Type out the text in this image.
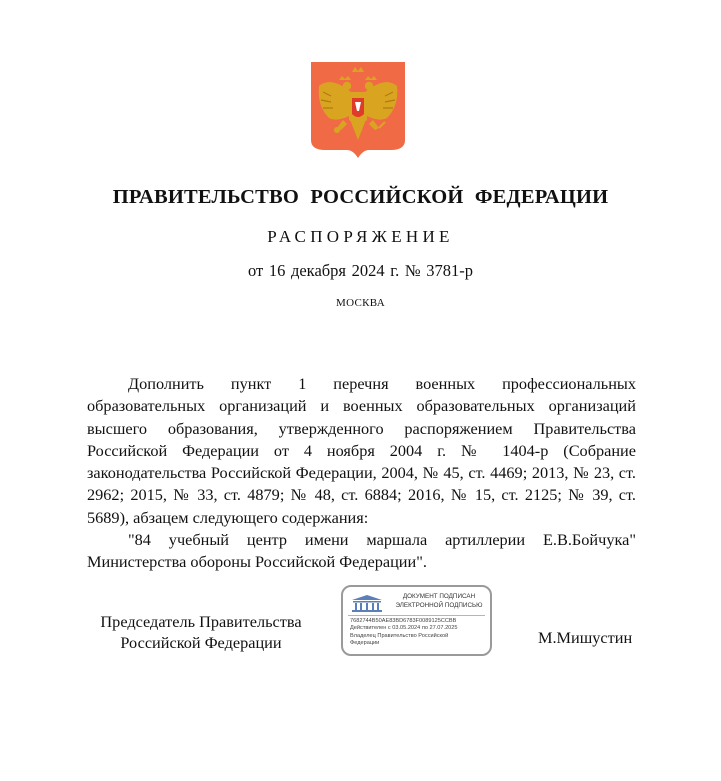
ПРАВИТЕЛЬСТВО РОССИЙСКОЙ ФЕДЕРАЦИИ
РАСПОРЯЖЕНИЕ
от 16 декабря 2024 г. № 3781-р
МОСКВА

Дополнить пункт 1 перечня военных профессиональных образовательных организаций и военных образовательных организаций высшего образования, утвержденного распоряжением Правительства Российской Федерации от 4 ноября 2004 г. № 1404-р (Собрание законодательства Российской Федерации, 2004, № 45, ст. 4469; 2013, № 23, ст. 2962; 2015, № 33, ст. 4879; № 48, ст. 6884; 2016, № 15, ст. 2125; № 39, ст. 5689), абзацем следующего содержания:

"84 учебный центр имени маршала артиллерии Е.В.Бойчука" Министерства обороны Российской Федерации".

Председатель Правительства
Российской Федерации
ДОКУМЕНТ ПОДПИСАН
ЭЛЕКТРОННОЙ ПОДПИСЬЮ
7682744B50AE83BD6783F0089125CCBB
Действителен с 03.05.2024 по 27.07.2025
Владелец Правительство Российской
Федерации	М.Мишустин
